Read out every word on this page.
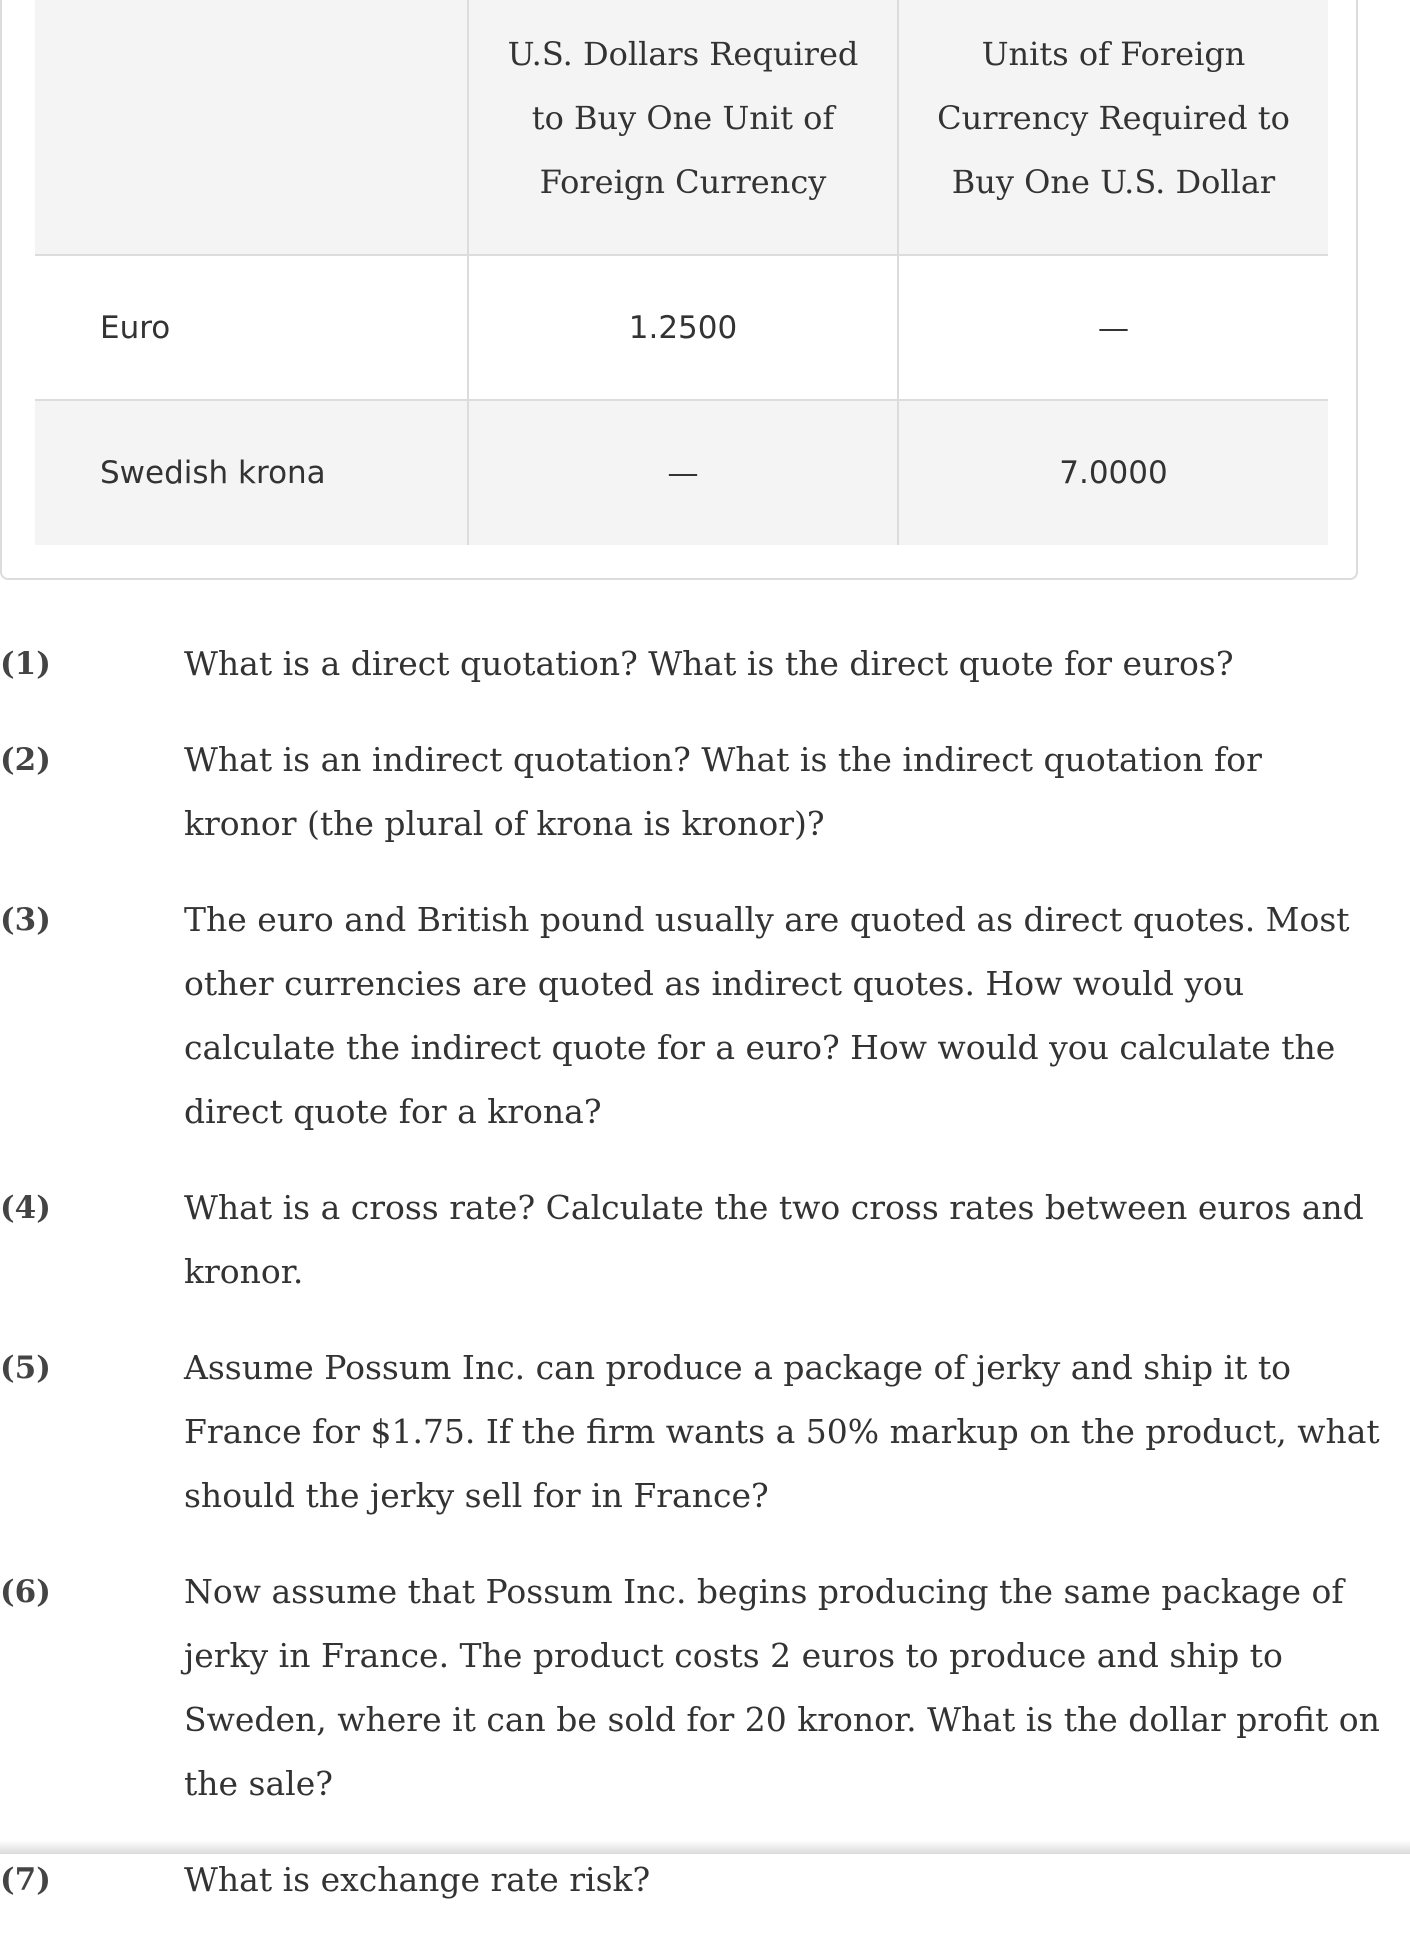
	U.S. Dollars Required to Buy One Unit of Foreign Currency	Units of Foreign Currency Required to Buy One U.S. Dollar
Euro	1.2500	—
Swedish krona	—	7.0000
(1)	What is a direct quotation? What is the direct quote for euros?
(2)	What is an indirect quotation? What is the indirect quotation for kronor (the plural of krona is kronor)?
(3)	The euro and British pound usually are quoted as direct quotes. Most other currencies are quoted as indirect quotes. How would you calculate the indirect quote for a euro? How would you calculate the direct quote for a krona?
(4)	What is a cross rate? Calculate the two cross rates between euros and kronor.
(5)	Assume Possum Inc. can produce a package of jerky and ship it to France for $1.75. If the firm wants a 50% markup on the product, what should the jerky sell for in France?
(6)	Now assume that Possum Inc. begins producing the same package of jerky in France. The product costs 2 euros to produce and ship to Sweden, where it can be sold for 20 kronor. What is the dollar profit on the sale?
(7)	What is exchange rate risk?
